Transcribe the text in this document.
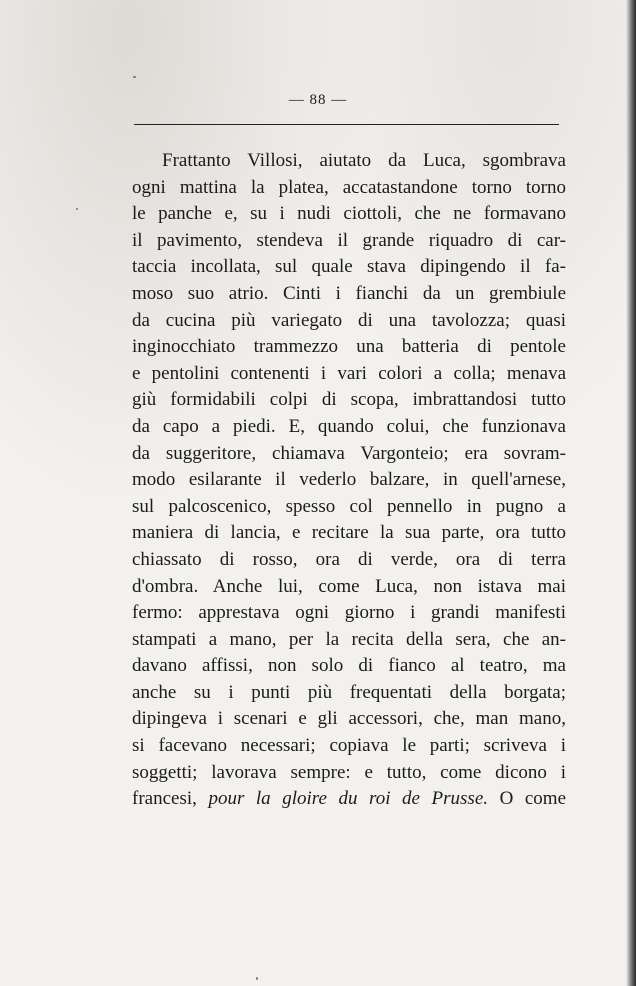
— 88 —
Frattanto Villosi, aiutato da Luca, sgombrava
ogni mattina la platea, accatastandone torno torno
le panche e, su i nudi ciottoli, che ne formavano
il pavimento, stendeva il grande riquadro di car-
taccia incollata, sul quale stava dipingendo il fa-
moso suo atrio. Cinti i fianchi da un grembiule
da cucina più variegato di una tavolozza; quasi
inginocchiato trammezzo una batteria di pentole
e pentolini contenenti i vari colori a colla; menava
giù formidabili colpi di scopa, imbrattandosi tutto
da capo a piedi. E, quando colui, che funzionava
da suggeritore, chiamava Vargonteio; era sovram-
modo esilarante il vederlo balzare, in quell'arnese,
sul palcoscenico, spesso col pennello in pugno a
maniera di lancia, e recitare la sua parte, ora tutto
chiassato di rosso, ora di verde, ora di terra
d'ombra. Anche lui, come Luca, non istava mai
fermo: apprestava ogni giorno i grandi manifesti
stampati a mano, per la recita della sera, che an-
davano affissi, non solo di fianco al teatro, ma
anche su i punti più frequentati della borgata;
dipingeva i scenari e gli accessori, che, man mano,
si facevano necessari; copiava le parti; scriveva i
soggetti; lavorava sempre: e tutto, come dicono i
francesi, pour la gloire du roi de Prusse. O come
